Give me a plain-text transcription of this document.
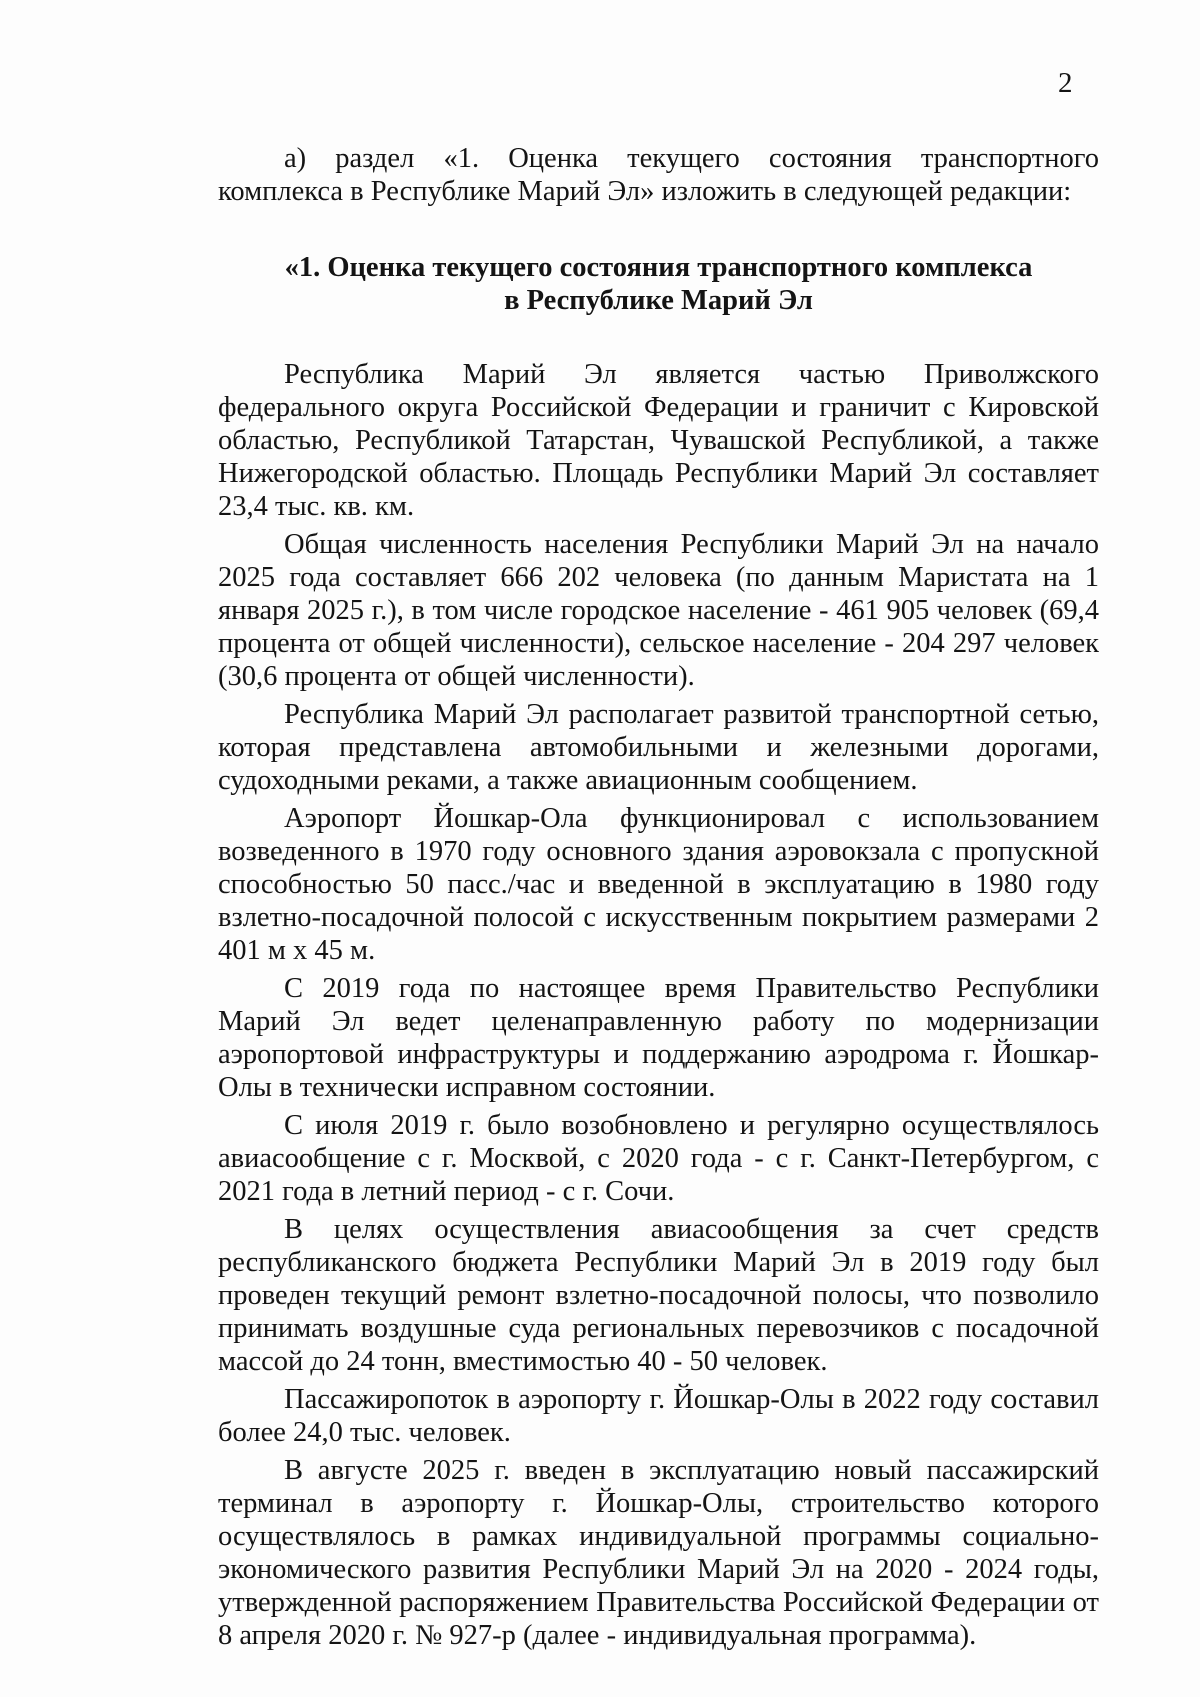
2

а) раздел «1. Оценка текущего состояния транспортного комплекса в Республике Марий Эл» изложить в следующей редакции:

«1. Оценка текущего состояния транспортного комплекса
в Республике Марий Эл

Республика Марий Эл является частью Приволжского федерального округа Российской Федерации и граничит с Кировской областью, Республикой Татарстан, Чувашской Республикой, а также Нижегородской областью. Площадь Республики Марий Эл составляет 23,4 тыс. кв. км.

Общая численность населения Республики Марий Эл на начало 2025 года составляет 666 202 человека (по данным Маристата на 1 января 2025 г.), в том числе городское население - 461 905 человек (69,4 процента от общей численности), сельское население - 204 297 человек (30,6 процента от общей численности).

Республика Марий Эл располагает развитой транспортной сетью, которая представлена автомобильными и железными дорогами, судоходными реками, а также авиационным сообщением.

Аэропорт Йошкар-Ола функционировал с использованием возведенного в 1970 году основного здания аэровокзала с пропускной способностью 50 пасс./час и введенной в эксплуатацию в 1980 году взлетно-посадочной полосой с искусственным покрытием размерами 2 401 м х 45 м.

С 2019 года по настоящее время Правительство Республики Марий Эл ведет целенаправленную работу по модернизации аэропортовой инфраструктуры и поддержанию аэродрома г. Йошкар-Олы в технически исправном состоянии.

С июля 2019 г. было возобновлено и регулярно осуществлялось авиасообщение с г. Москвой, с 2020 года - с г. Санкт-Петербургом, с 2021 года в летний период - с г. Сочи.

В целях осуществления авиасообщения за счет средств республиканского бюджета Республики Марий Эл в 2019 году был проведен текущий ремонт взлетно-посадочной полосы, что позволило принимать воздушные суда региональных перевозчиков с посадочной массой до 24 тонн, вместимостью 40 - 50 человек.

Пассажиропоток в аэропорту г. Йошкар-Олы в 2022 году составил более 24,0 тыс. человек.

В августе 2025 г. введен в эксплуатацию новый пассажирский терминал в аэропорту г. Йошкар-Олы, строительство которого осуществлялось в рамках индивидуальной программы социально-экономического развития Республики Марий Эл на 2020 - 2024 годы, утвержденной распоряжением Правительства Российской Федерации от 8 апреля 2020 г. № 927-р (далее - индивидуальная программа).
